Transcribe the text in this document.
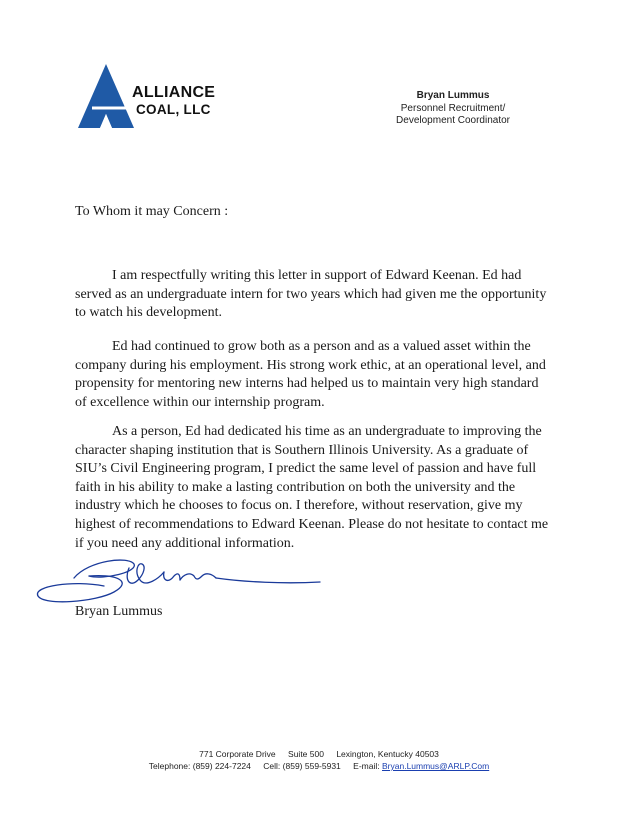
ALLIANCE
COAL, LLC
Bryan Lummus
Personnel Recruitment/
Development Coordinator
To Whom it may Concern :

I am respectfully writing this letter in support of Edward Keenan. Ed had served as an undergraduate intern for two years which had given me the opportunity to watch his development.

Ed had continued to grow both as a person and as a valued asset within the company during his employment. His strong work ethic, at an operational level, and propensity for mentoring new interns had helped us to maintain very high standard of excellence within our internship program.

As a person, Ed had dedicated his time as an undergraduate to improving the character shaping institution that is Southern Illinois University. As a graduate of SIU’s Civil Engineering program, I predict the same level of passion and have full faith in his ability to make a lasting contribution on both the university and the industry which he chooses to focus on. I therefore, without reservation, give my highest of recommendations to Edward Keenan. Please do not hesitate to contact me if you need any additional information.

Bryan Lummus
771 Corporate Drive Suite 500 Lexington, Kentucky 40503
Telephone: (859) 224-7224 Cell: (859) 559-5931 E-mail: Bryan.Lummus@ARLP.Com
